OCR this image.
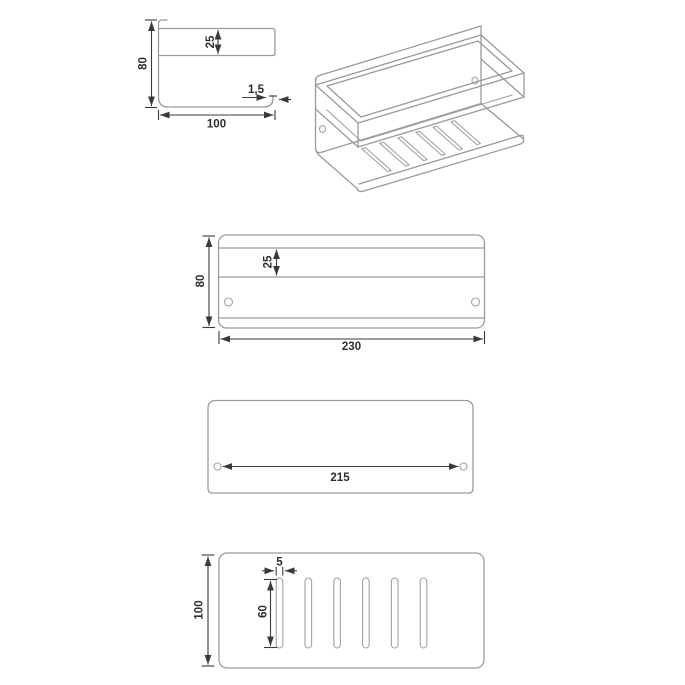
80
25
1,5
100
80
25
230
215
100
5
60
